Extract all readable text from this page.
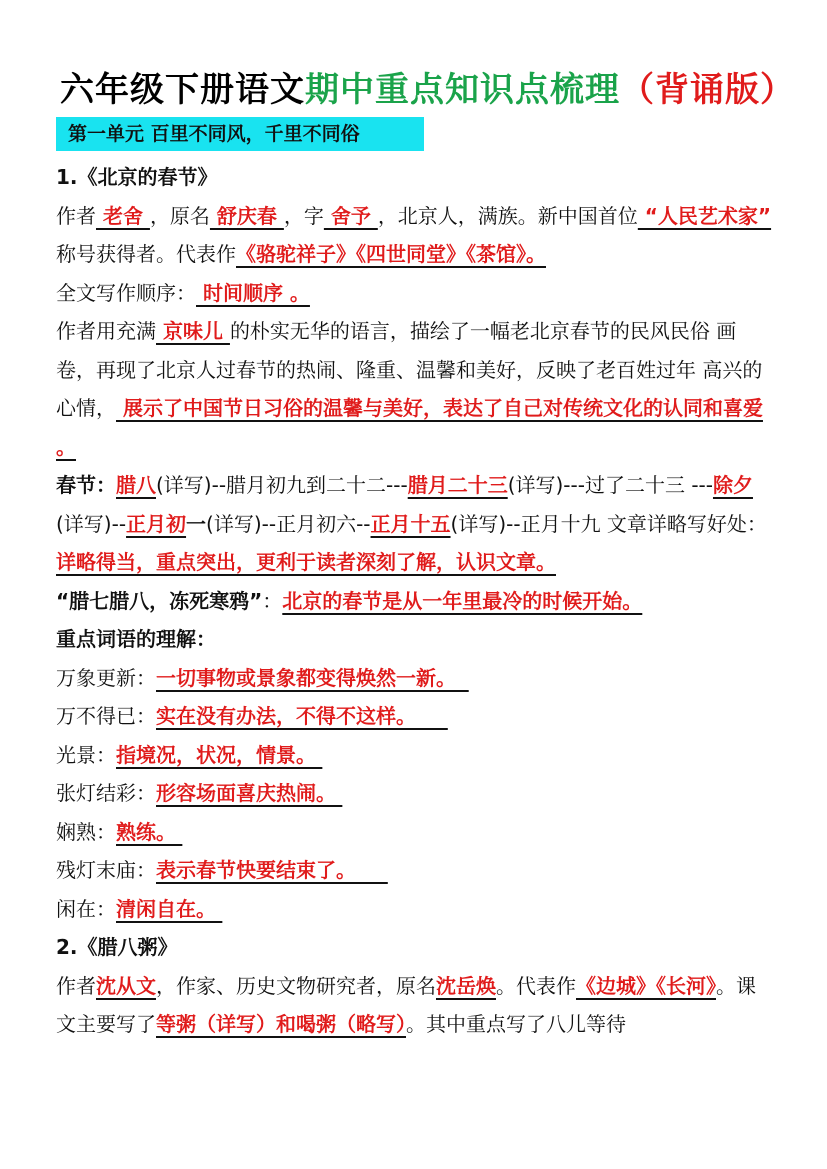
六年级下册语文期中重点知识点梳理（背诵版）
第一单元 百里不同风，千里不同俗

1.《北京的春节》

作者 老舍 ，原名 舒庆春 ，字 舍予 ，北京人，满族。新中国首位 “人民艺术家” 称号获得者。代表作《骆驼祥子》《四世同堂》《茶馆》。

全文写作顺序： 时间顺序 。

作者用充满 京味儿 的朴实无华的语言，描绘了一幅老北京春节的民风民俗 画卷，再现了北京人过春节的热闹、隆重、温馨和美好，反映了老百姓过年 高兴的心情， 展示了中国节日习俗的温馨与美好，表达了自己对传统文化的认同和喜爱 。

春节：腊八(详写)--腊月初九到二十二---腊月二十三(详写)---过了二十三 ---除夕(详写)--正月初一(详写)--正月初六--正月十五(详写)--正月十九 文章详略写好处：详略得当，重点突出，更利于读者深刻了解，认识文章。

“腊七腊八，冻死寒鸦”：北京的春节是从一年里最冷的时候开始。

重点词语的理解：

万象更新：一切事物或景象都变得焕然一新。

万不得已：实在没有办法，不得不这样。

光景：指境况，状况，情景。

张灯结彩：形容场面喜庆热闹。

娴熟：熟练。

残灯末庙：表示春节快要结束了。

闲在：清闲自在。

2.《腊八粥》

作者沈从文，作家、历史文物研究者，原名沈岳焕。代表作《边城》《长河》。课文主要写了等粥（详写）和喝粥（略写）。其中重点写了八儿等待
